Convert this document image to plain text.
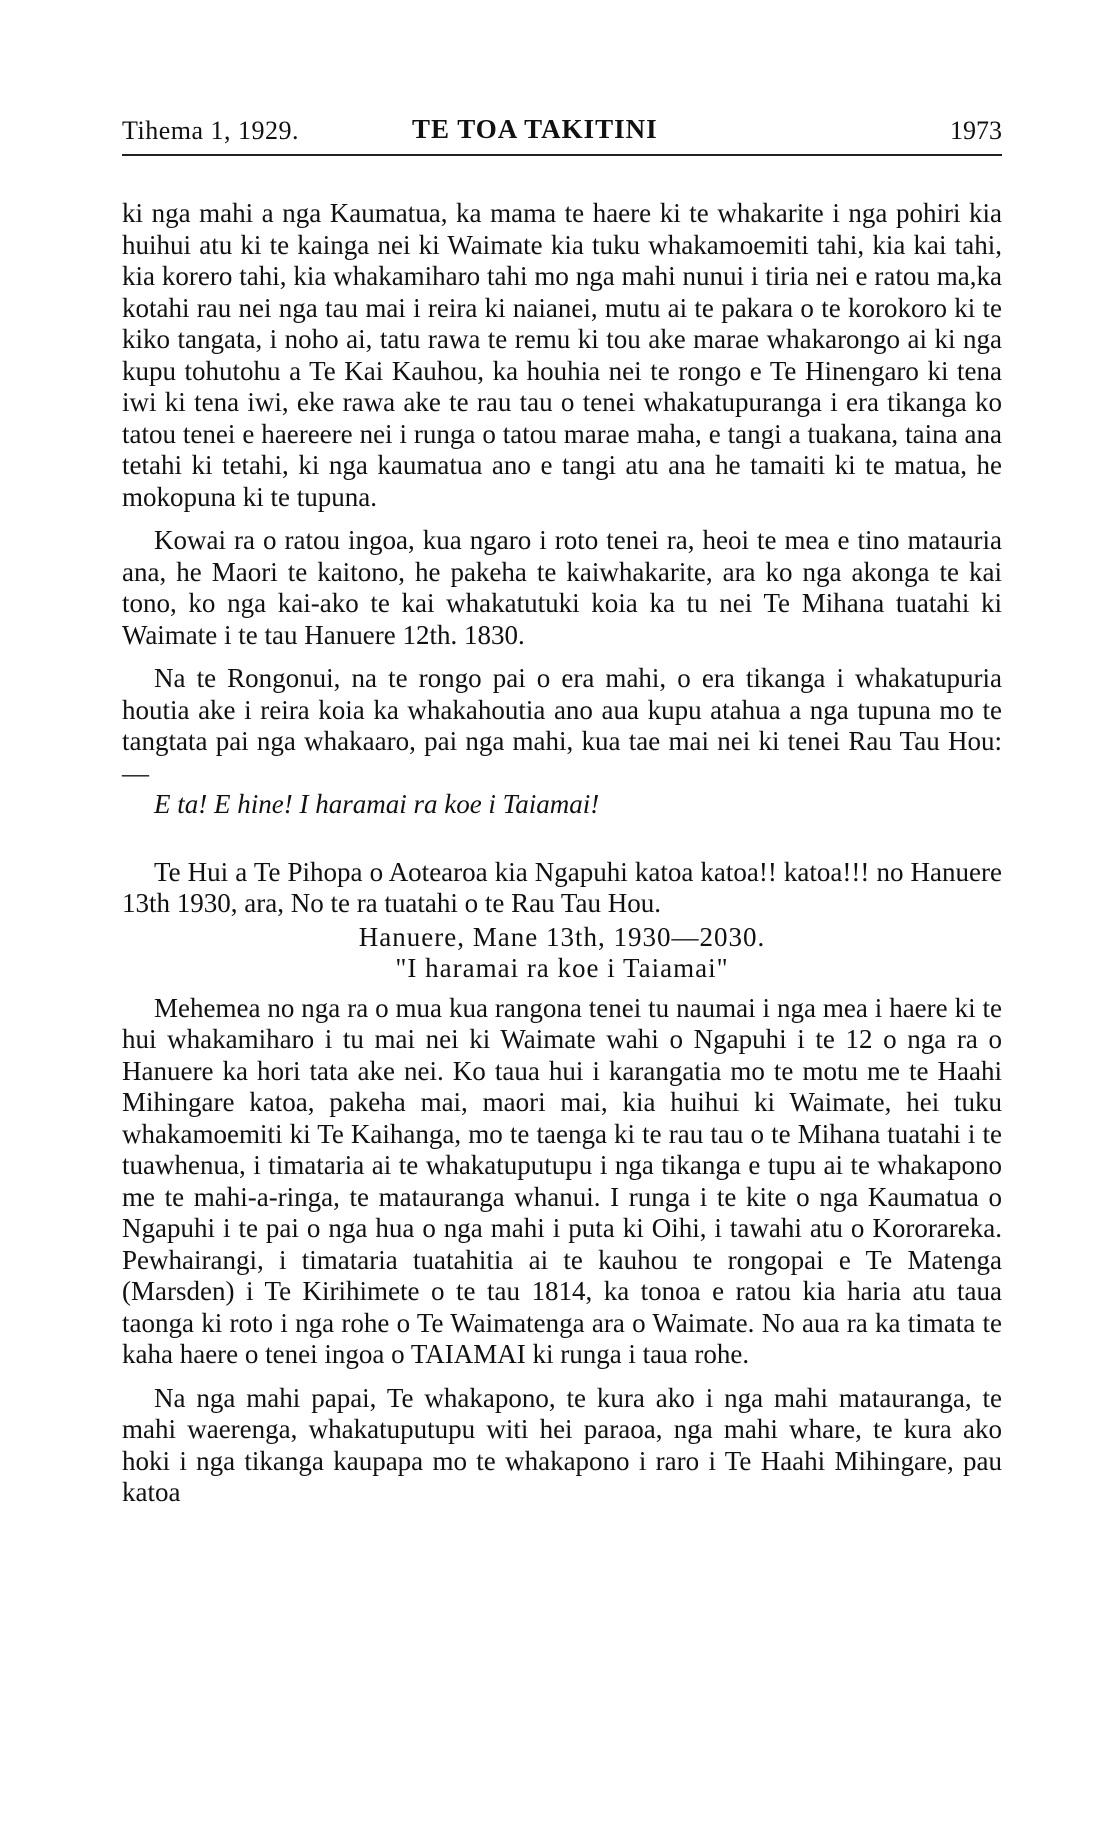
Tihema 1, 1929.	TE TOA TAKITINI	1973

ki nga mahi a nga Kaumatua, ka mama te haere ki te whakarite i nga pohiri kia huihui atu ki te kainga nei ki Waimate kia tuku whakamoemiti tahi, kia kai tahi, kia korero tahi, kia whakamiharo tahi mo nga mahi nunui i tiria nei e ratou ma,ka kotahi rau nei nga tau mai i reira ki naianei, mutu ai te pakara o te korokoro ki te kiko tangata, i noho ai, tatu rawa te remu ki tou ake marae whakarongo ai ki nga kupu tohutohu a Te Kai Kauhou, ka houhia nei te rongo e Te Hinengaro ki tena iwi ki tena iwi, eke rawa ake te rau tau o tenei whakatupuranga i era tikanga ko tatou tenei e haereere nei i runga o tatou marae maha, e tangi a tuakana, taina ana tetahi ki tetahi, ki nga kaumatua ano e tangi atu ana he tamaiti ki te matua, he mokopuna ki te tupuna.

Kowai ra o ratou ingoa, kua ngaro i roto tenei ra, heoi te mea e tino matauria ana, he Maori te kaitono, he pakeha te kaiwhakarite, ara ko nga akonga te kai tono, ko nga kai-ako te kai whakatutuki koia ka tu nei Te Mihana tuatahi ki Waimate i te tau Hanuere 12th. 1830.

Na te Rongonui, na te rongo pai o era mahi, o era tikanga i whakatupuria houtia ake i reira koia ka whakahoutia ano aua kupu atahua a nga tupuna mo te tangtata pai nga whakaaro, pai nga mahi, kua tae mai nei ki tenei Rau Tau Hou:—

E ta! E hine! I haramai ra koe i Taiamai!

Te Hui a Te Pihopa o Aotearoa kia Ngapuhi katoa katoa!! katoa!!! no Hanuere 13th 1930, ara, No te ra tuatahi o te Rau Tau Hou.

Hanuere, Mane 13th, 1930—2030.

"I haramai ra koe i Taiamai"

Mehemea no nga ra o mua kua rangona tenei tu naumai i nga mea i haere ki te hui whakamiharo i tu mai nei ki Waimate wahi o Ngapuhi i te 12 o nga ra o Hanuere ka hori tata ake nei. Ko taua hui i karangatia mo te motu me te Haahi Mihingare katoa, pakeha mai, maori mai, kia huihui ki Waimate, hei tuku whakamoemiti ki Te Kaihanga, mo te taenga ki te rau tau o te Mihana tuatahi i te tuawhenua, i timataria ai te whakatuputupu i nga tikanga e tupu ai te whakapono me te mahi-a-ringa, te matauranga whanui. I runga i te kite o nga Kaumatua o Ngapuhi i te pai o nga hua o nga mahi i puta ki Oihi, i tawahi atu o Kororareka. Pewhairangi, i timataria tuatahitia ai te kauhou te rongopai e Te Matenga (Marsden) i Te Kirihimete o te tau 1814, ka tonoa e ratou kia haria atu taua taonga ki roto i nga rohe o Te Waimatenga ara o Waimate. No aua ra ka timata te kaha haere o tenei ingoa o TAIAMAI ki runga i taua rohe.

Na nga mahi papai, Te whakapono, te kura ako i nga mahi matauranga, te mahi waerenga, whakatuputupu witi hei paraoa, nga mahi whare, te kura ako hoki i nga tikanga kaupapa mo te whakapono i raro i Te Haahi Mihingare, pau katoa
